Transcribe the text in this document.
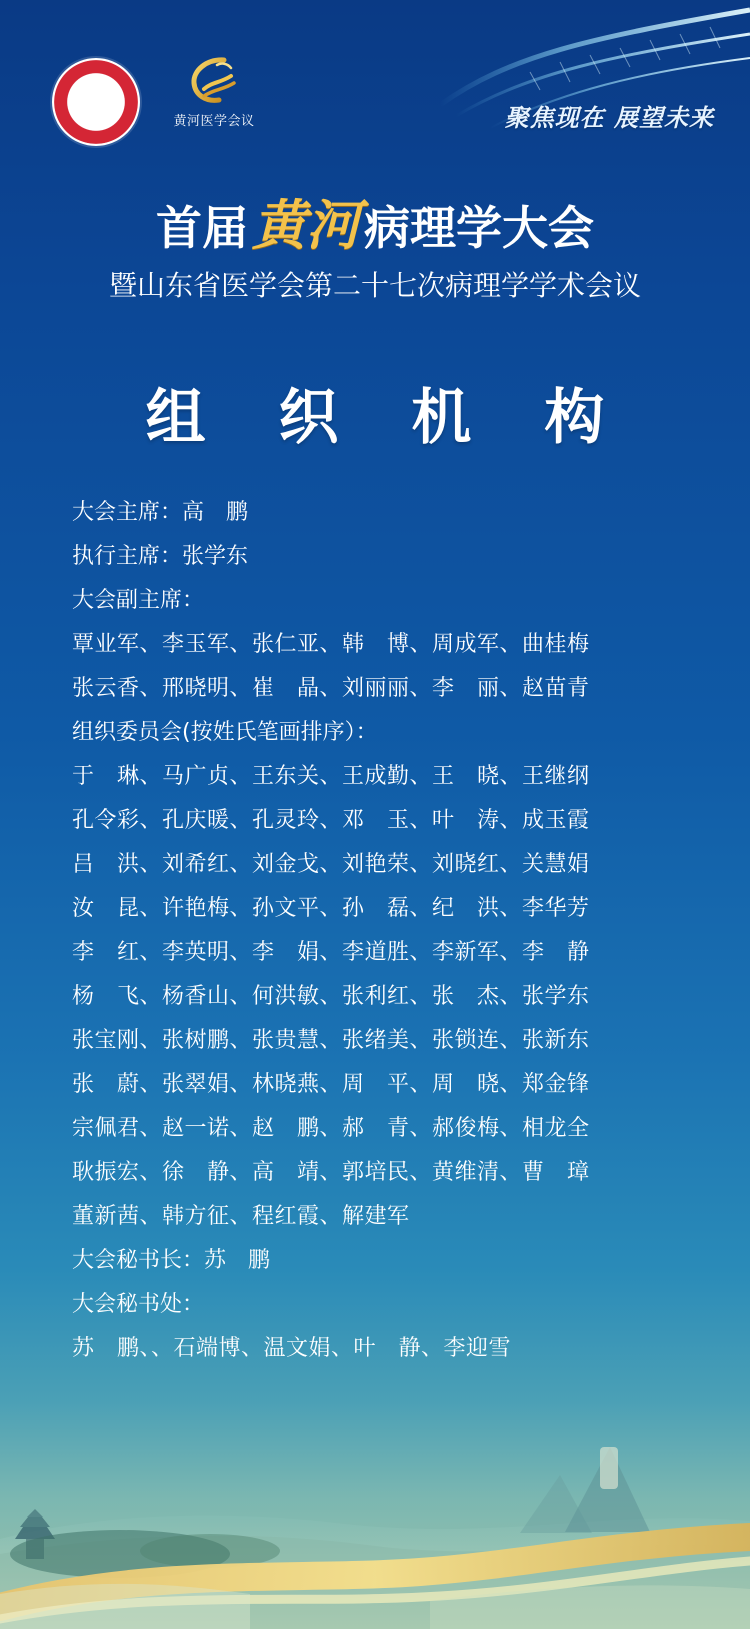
黄河医学会议	聚焦现在 展望未来
首届黄河病理学大会
暨山东省医学会第二十七次病理学学术会议
组 织 机 构
大会主席：高　鹏
执行主席：张学东
大会副主席：
覃业军、李玉军、张仁亚、韩　博、周成军、曲桂梅
张云香、邢晓明、崔　晶、刘丽丽、李　丽、赵苗青
组织委员会(按姓氏笔画排序）：
于　琳、马广贞、王东关、王成勤、王　晓、王继纲
孔令彩、孔庆暖、孔灵玲、邓　玉、叶　涛、成玉霞
吕　洪、刘希红、刘金戈、刘艳荣、刘晓红、关慧娟
汝　昆、许艳梅、孙文平、孙　磊、纪　洪、李华芳
李　红、李英明、李　娟、李道胜、李新军、李　静
杨　飞、杨香山、何洪敏、张利红、张　杰、张学东
张宝刚、张树鹏、张贵慧、张绪美、张锁连、张新东
张　蔚、张翠娟、林晓燕、周　平、周　晓、郑金锋
宗佩君、赵一诺、赵　鹏、郝　青、郝俊梅、相龙全
耿振宏、徐　静、高　靖、郭培民、黄维清、曹　璋
董新茜、韩方征、程红霞、解建军
大会秘书长：苏　鹏
大会秘书处：
苏　鹏、、石端博、温文娟、叶　静、李迎雪
